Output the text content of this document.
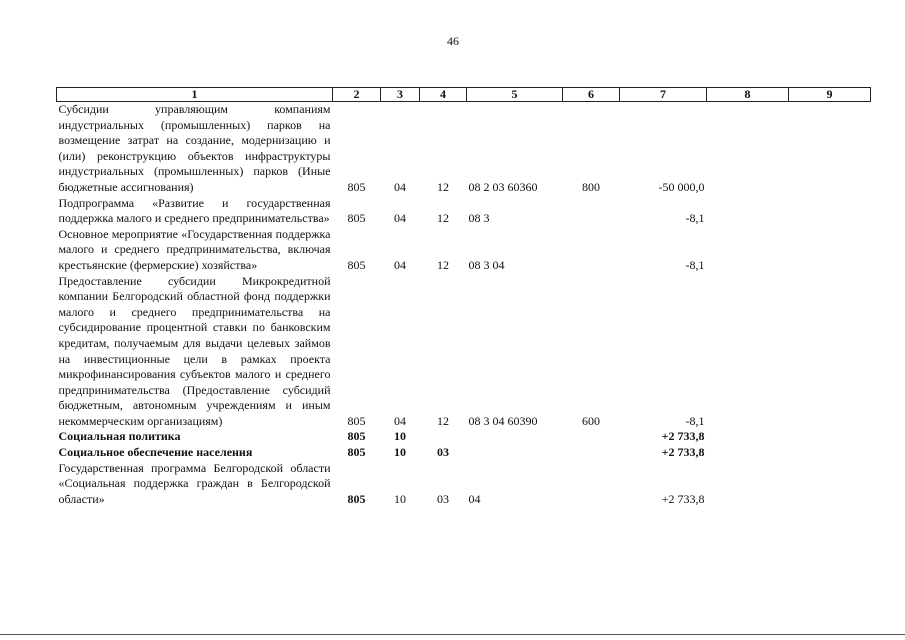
46
1	2	3	4	5	6	7	8	9
Субсидии управляющим компаниям индустриальных (промышленных) парков на возмещение затрат на создание, модернизацию и (или) реконструкцию объектов инфраструктуры индустриальных (промышленных) парков (Иные бюджетные ассигнования)	805	04	12	08 2 03 60360	800	-50 000,0		
Подпрограмма «Развитие и государственная поддержка малого и среднего предпринимательства»	805	04	12	08 3		-8,1		
Основное мероприятие «Государственная поддержка малого и среднего предпринимательства, включая крестьянские (фермерские) хозяйства»	805	04	12	08 3 04		-8,1		
Предоставление субсидии Микрокредитной компании Белгородский областной фонд поддержки малого и среднего предпринимательства на субсидирование процентной ставки по банковским кредитам, получаемым для выдачи целевых займов на инвестиционные цели в рамках проекта микрофинансирования субъектов малого и среднего предпринимательства (Предоставление субсидий бюджетным, автономным учреждениям и иным некоммерческим организациям)	805	04	12	08 3 04 60390	600	-8,1		
Социальная политика	805	10				+2 733,8		
Социальное обеспечение населения	805	10	03			+2 733,8		
Государственная программа Белгородской области «Социальная поддержка граждан в Белгородской области»	805	10	03	04		+2 733,8		
